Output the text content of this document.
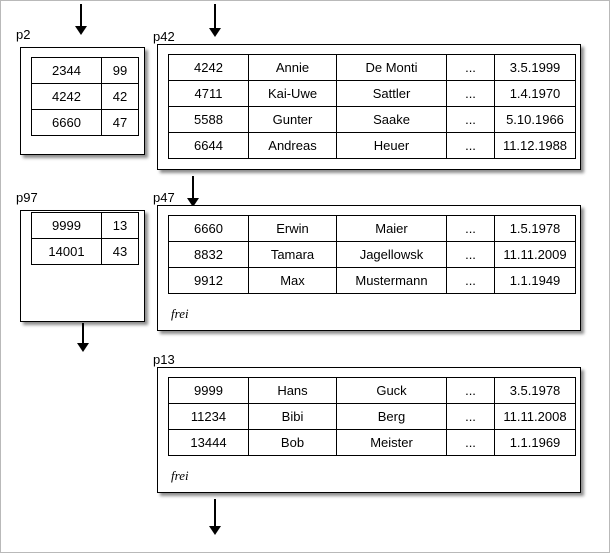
p2
2344	99
4242	42
6660	47
p97
9999	13
14001	43
p42
4242	Annie	De Monti	...	3.5.1999
4711	Kai-Uwe	Sattler	...	1.4.1970
5588	Gunter	Saake	...	5.10.1966
6644	Andreas	Heuer	...	11.12.1988
p47
6660	Erwin	Maier	...	1.5.1978
8832	Tamara	Jagellowsk	...	11.11.2009
9912	Max	Mustermann	...	1.1.1949
frei
p13
9999	Hans	Guck	...	3.5.1978
11234	Bibi	Berg	...	11.11.2008
13444	Bob	Meister	...	1.1.1969
frei
